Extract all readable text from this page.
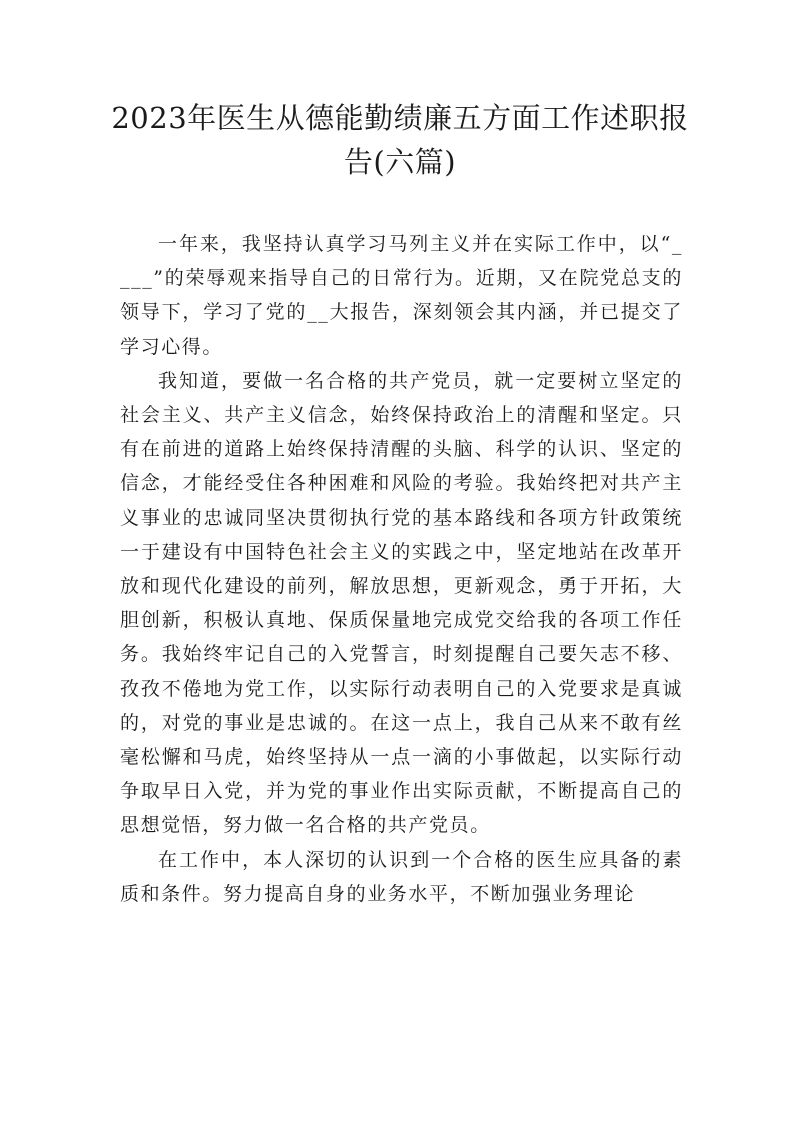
2023年医生从德能勤绩廉五方面工作述职报告(六篇)

一年来，我坚持认真学习马列主义并在实际工作中，以“____”的荣辱观来指导自己的日常行为。近期，又在院党总支的领导下，学习了党的__大报告，深刻领会其内涵，并已提交了学习心得。

我知道，要做一名合格的共产党员，就一定要树立坚定的社会主义、共产主义信念，始终保持政治上的清醒和坚定。只有在前进的道路上始终保持清醒的头脑、科学的认识、坚定的信念，才能经受住各种困难和风险的考验。我始终把对共产主义事业的忠诚同坚决贯彻执行党的基本路线和各项方针政策统一于建设有中国特色社会主义的实践之中，坚定地站在改革开放和现代化建设的前列，解放思想，更新观念，勇于开拓，大胆创新，积极认真地、保质保量地完成党交给我的各项工作任务。我始终牢记自己的入党誓言，时刻提醒自己要矢志不移、孜孜不倦地为党工作，以实际行动表明自己的入党要求是真诚的，对党的事业是忠诚的。在这一点上，我自己从来不敢有丝毫松懈和马虎，始终坚持从一点一滴的小事做起，以实际行动争取早日入党，并为党的事业作出实际贡献，不断提高自己的思想觉悟，努力做一名合格的共产党员。

在工作中，本人深切的认识到一个合格的医生应具备的素质和条件。努力提高自身的业务水平，不断加强业务理论
